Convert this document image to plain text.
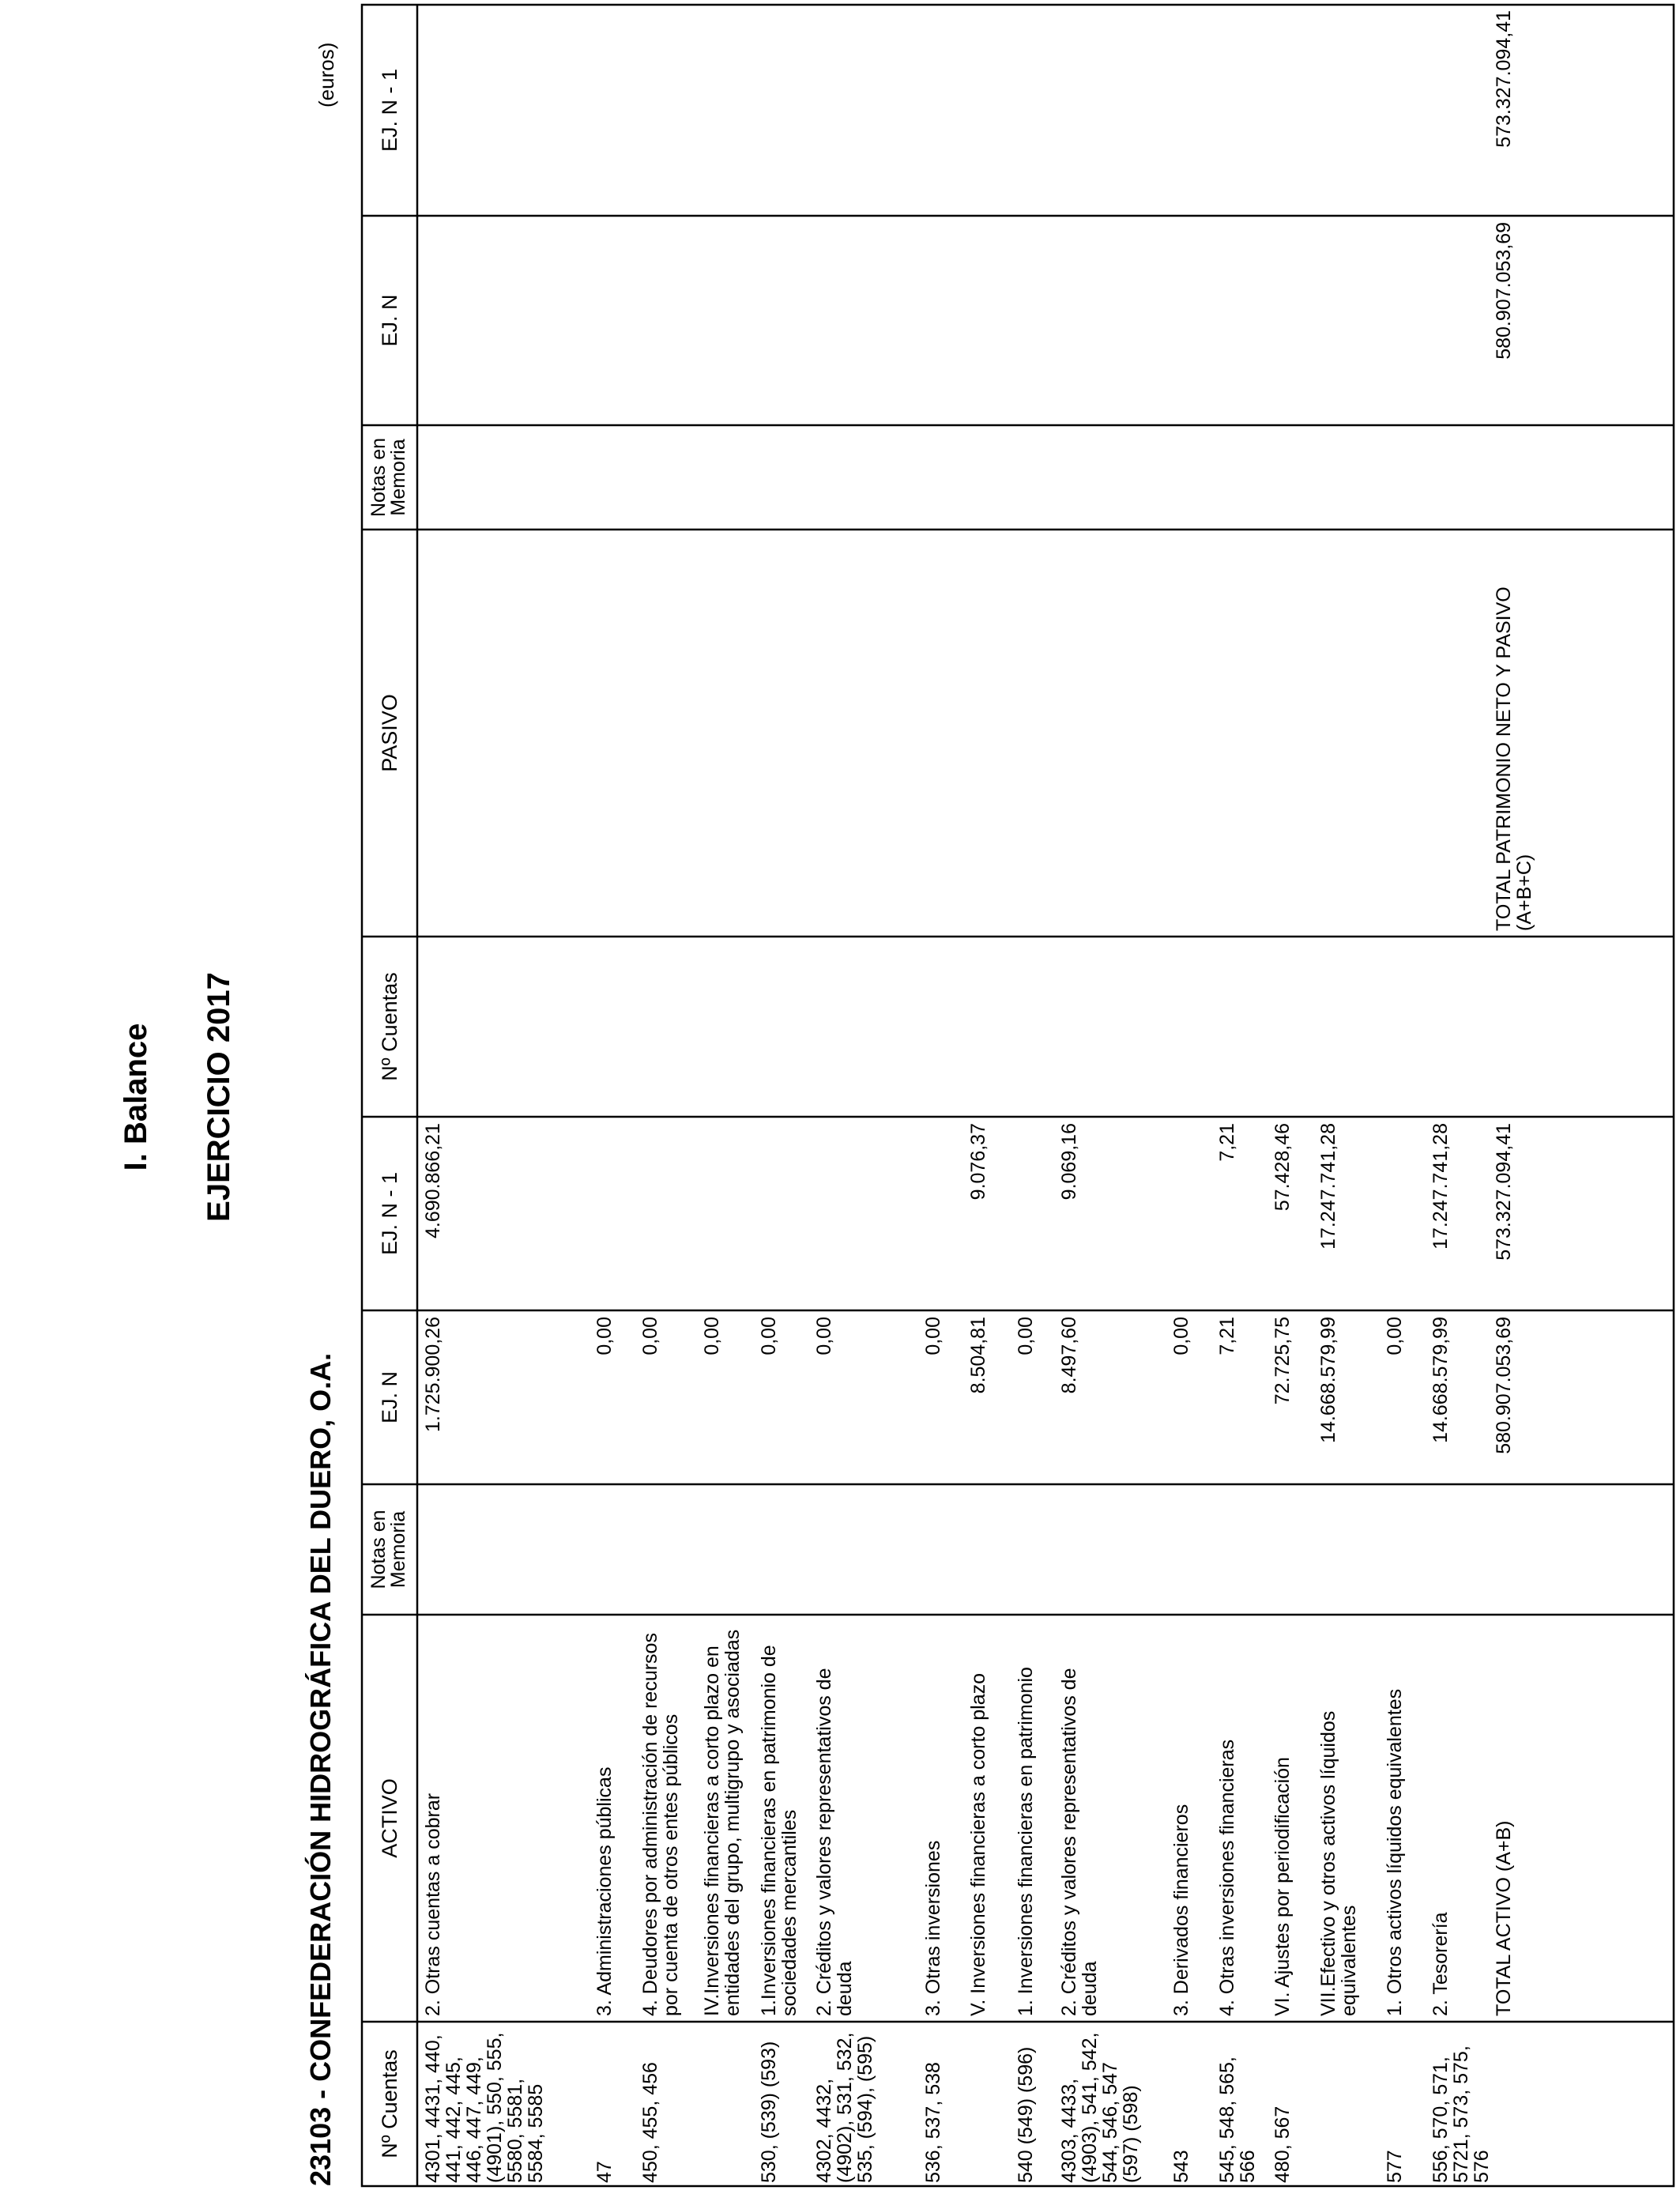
I. Balance EJERCICIO 2017
23103 - CONFEDERACIÓN HIDROGRÁFICA DEL DUERO, O.A.
(euros)
Nº Cuentas
ACTIVO
Notas en
Memoria
EJ. N
EJ. N - 1
Nº Cuentas
PASIVO
Notas en
Memoria
EJ. N
EJ. N - 1
4301, 4431, 440, 441, 442, 445, 446, 447, 449, (4901), 550, 555, 5580, 5581, 5584, 5585
2. Otras cuentas a cobrar
1.725.900,26
4.690.866,21
47
3. Administraciones públicas
0,00
450, 455, 456
4. Deudores por administración de recursos por cuenta de otros entes públicos
0,00
IV.Inversiones financieras a corto plazo en entidades del grupo, multigrupo y asociadas
0,00
530, (539) (593)
1.Inversiones financieras en patrimonio de sociedades mercantiles
0,00
4302, 4432, (4902), 531, 532, 535, (594), (595)
2. Créditos y valores representativos de deuda
0,00
536, 537, 538
3. Otras inversiones
0,00
V. Inversiones financieras a corto plazo
8.504,81
9.076,37
540 (549) (596)
1. Inversiones financieras en patrimonio
0,00
4303, 4433, (4903), 541, 542, 544, 546, 547 (597) (598)
2. Créditos y valores representativos de deuda
8.497,60
9.069,16
543
3. Derivados financieros
0,00
545, 548, 565, 566
4. Otras inversiones financieras
7,21
7,21
480, 567
VI. Ajustes por periodificación
72.725,75
57.428,46
VII.Efectivo y otros activos líquidos equivalentes
14.668.579,99
17.247.741,28
577
1. Otros activos líquidos equivalentes
0,00
556, 570, 571, 5721, 573, 575, 576
2. Tesorería
14.668.579,99
17.247.741,28
TOTAL ACTIVO (A+B)
580.907.053,69
573.327.094,41
TOTAL PATRIMONIO NETO Y PASIVO (A+B+C)
580.907.053,69
573.327.094,41
